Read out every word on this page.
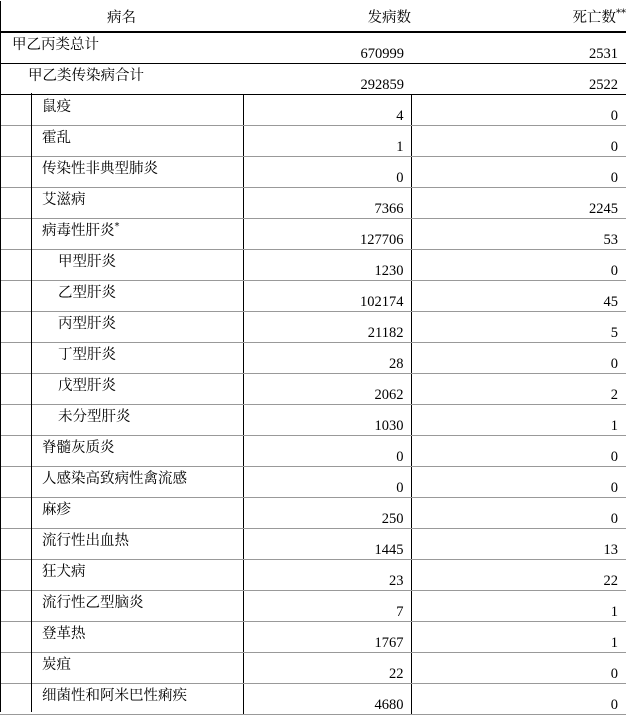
病名	发病数	死亡数**
甲乙丙类总计	670999	2531
甲乙类传染病合计	292859	2522
鼠疫	4	0
霍乱	1	0
传染性非典型肺炎	0	0
艾滋病	7366	2245
病毒性肝炎*	127706	53
甲型肝炎	1230	0
乙型肝炎	102174	45
丙型肝炎	21182	5
丁型肝炎	28	0
戊型肝炎	2062	2
未分型肝炎	1030	1
脊髓灰质炎	0	0
人感染高致病性禽流感	0	0
麻疹	250	0
流行性出血热	1445	13
狂犬病	23	22
流行性乙型脑炎	7	1
登革热	1767	1
炭疽	22	0
细菌性和阿米巴性痢疾	4680	0
